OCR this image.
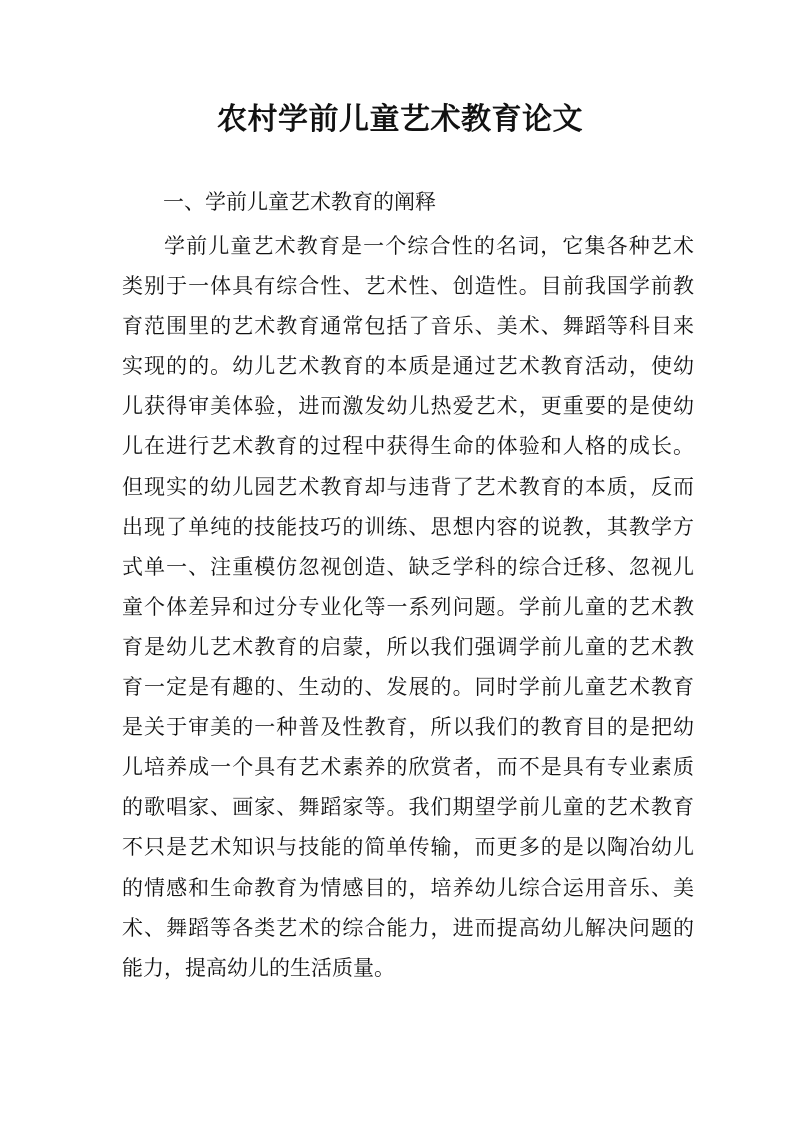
农村学前儿童艺术教育论文

一、学前儿童艺术教育的阐释

学前儿童艺术教育是一个综合性的名词，它集各种艺术
类别于一体具有综合性、艺术性、创造性。目前我国学前教
育范围里的艺术教育通常包括了音乐、美术、舞蹈等科目来
实现的的。幼儿艺术教育的本质是通过艺术教育活动，使幼
儿获得审美体验，进而激发幼儿热爱艺术，更重要的是使幼
儿在进行艺术教育的过程中获得生命的体验和人格的成长。
但现实的幼儿园艺术教育却与违背了艺术教育的本质，反而
出现了单纯的技能技巧的训练、思想内容的说教，其教学方
式单一、注重模仿忽视创造、缺乏学科的综合迁移、忽视儿
童个体差异和过分专业化等一系列问题。学前儿童的艺术教
育是幼儿艺术教育的启蒙，所以我们强调学前儿童的艺术教
育一定是有趣的、生动的、发展的。同时学前儿童艺术教育
是关于审美的一种普及性教育，所以我们的教育目的是把幼
儿培养成一个具有艺术素养的欣赏者，而不是具有专业素质
的歌唱家、画家、舞蹈家等。我们期望学前儿童的艺术教育
不只是艺术知识与技能的简单传输，而更多的是以陶冶幼儿
的情感和生命教育为情感目的，培养幼儿综合运用音乐、美
术、舞蹈等各类艺术的综合能力，进而提高幼儿解决问题的
能力，提高幼儿的生活质量。
